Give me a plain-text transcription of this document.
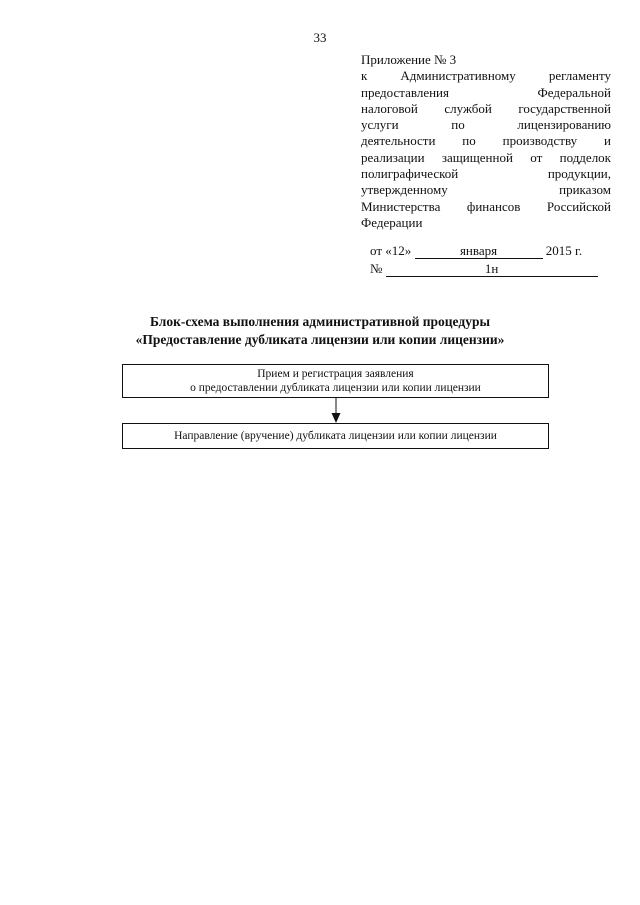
33

Приложение № 3

к Административному регламенту

предоставления Федеральной

налоговой службой государственной

услуги по лицензированию

деятельности по производству и

реализации защищенной от подделок

полиграфической продукции,

утвержденному приказом

Министерства финансов Российской

Федерации

от «12»	января	2015 г.
№	1н
Блок-схема выполнения административной процедуры
«Предоставление дубликата лицензии или копии лицензии»
Прием и регистрация заявления
о предоставлении дубликата лицензии или копии лицензии
Направление (вручение) дубликата лицензии или копии лицензии
